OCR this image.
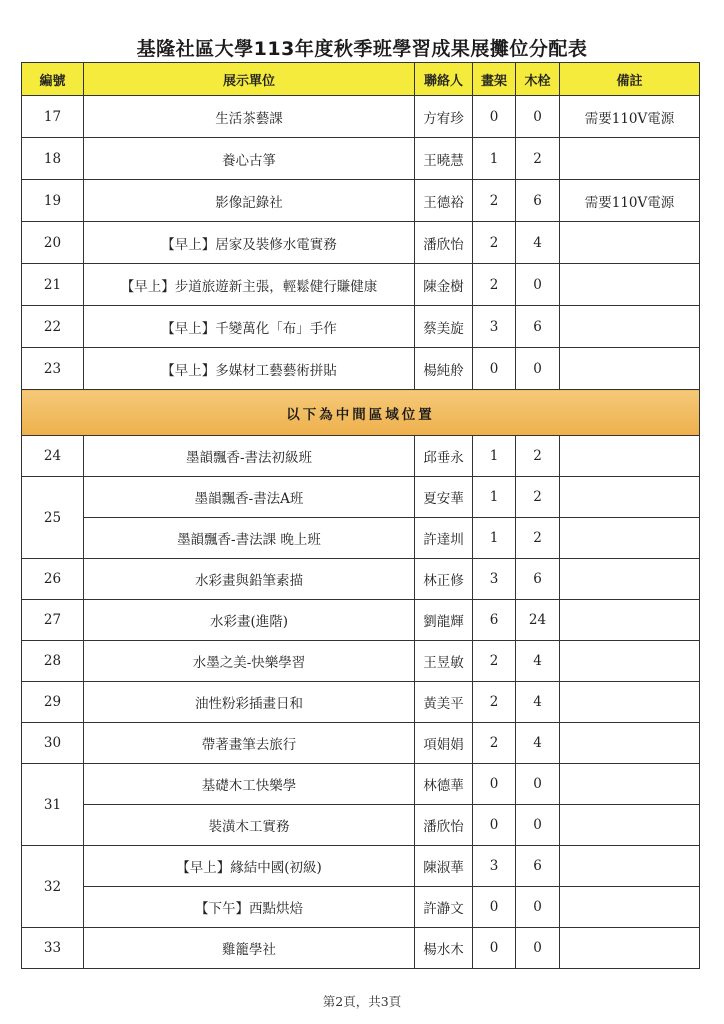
基隆社區大學113年度秋季班學習成果展攤位分配表
編號	展示單位	聯絡人	畫架	木栓	備註
17	生活茶藝課	方宥珍	0	0	需要110V電源
18	養心古箏	王曉慧	1	2	
19	影像記錄社	王德裕	2	6	需要110V電源
20	【早上】居家及裝修水電實務	潘欣怡	2	4	
21	【早上】步道旅遊新主張，輕鬆健行賺健康	陳金樹	2	0	
22	【早上】千變萬化「布」手作	蔡美旋	3	6	
23	【早上】多媒材工藝藝術拼貼	楊純舲	0	0	
以下為中間區域位置					
24	墨韻飄香-書法初級班	邱垂永	1	2	
25	墨韻飄香-書法A班	夏安華	1	2	
	墨韻飄香-書法課 晚上班	許達圳	1	2	
26	水彩畫與鉛筆素描	林正修	3	6	
27	水彩畫(進階)	劉龍輝	6	24	
28	水墨之美-快樂學習	王昱敏	2	4	
29	油性粉彩插畫日和	黃美平	2	4	
30	帶著畫筆去旅行	項娟娟	2	4	
31	基礎木工快樂學	林德華	0	0	
	裝潢木工實務	潘欣怡	0	0	
32	【早上】緣結中國(初級)	陳淑華	3	6	
	【下午】西點烘焙	許瀞文	0	0	
33	雞籠學社	楊水木	0	0	
第2頁，共3頁
